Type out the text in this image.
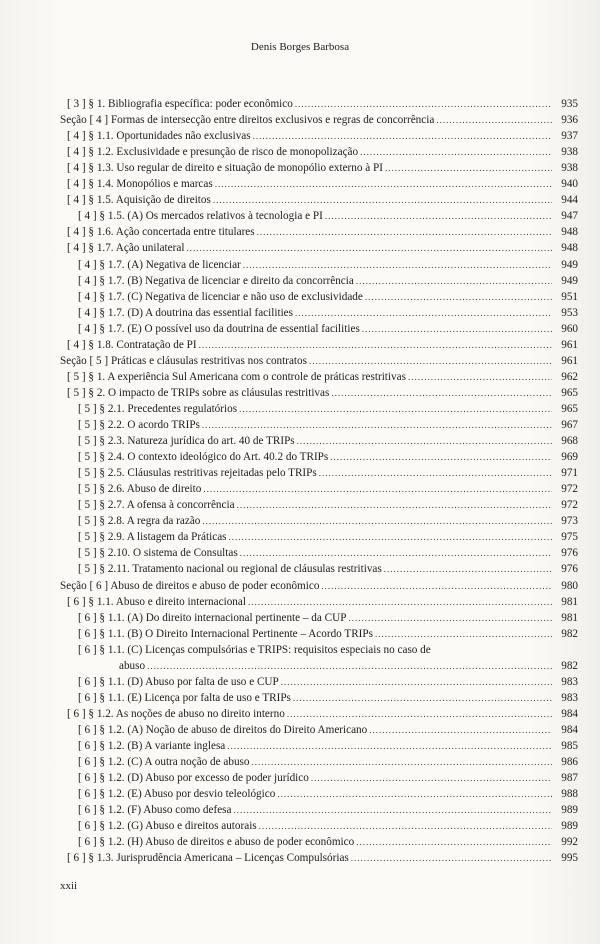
Denis Borges Barbosa
[ 3 ] § 1. Bibliografia específica: poder econômico .....	935
Seção [ 4 ] Formas de intersecção entre direitos exclusivos e regras de concorrência .....	936
[ 4 ] § 1.1. Oportunidades não exclusivas .....	937
[ 4 ] § 1.2. Exclusividade e presunção de risco de monopolização .....	938
[ 4 ] § 1.3. Uso regular de direito e situação de monopólio externo à PI .....	938
[ 4 ] § 1.4. Monopólios e marcas .....	940
[ 4 ] § 1.5. Aquisição de direitos .....	944
[ 4 ] § 1.5. (A) Os mercados relativos à tecnologia e PI .....	947
[ 4 ] § 1.6. Ação concertada entre titulares .....	948
[ 4 ] § 1.7. Ação unilateral .....	948
[ 4 ] § 1.7. (A) Negativa de licenciar .....	949
[ 4 ] § 1.7. (B) Negativa de licenciar e direito da concorrência .....	949
[ 4 ] § 1.7. (C) Negativa de licenciar e não uso de exclusividade .....	951
[ 4 ] § 1.7. (D) A doutrina das essential facilities .....	953
[ 4 ] § 1.7. (E) O possível uso da doutrina de essential facilities .....	960
[ 4 ] § 1.8. Contratação de PI .....	961
Seção [ 5 ] Práticas e cláusulas restritivas nos contratos .....	961
[ 5 ] § 1. A experiência Sul Americana com o controle de práticas restritivas .....	962
[ 5 ] § 2. O impacto de TRIPs sobre as cláusulas restritivas .....	965
[ 5 ] § 2.1. Precedentes regulatórios .....	965
[ 5 ] § 2.2. O acordo TRIPs .....	967
[ 5 ] § 2.3. Natureza jurídica do art. 40 de TRIPs .....	968
[ 5 ] § 2.4. O contexto ideológico do Art. 40.2 do TRIPs .....	969
[ 5 ] § 2.5. Cláusulas restritivas rejeitadas pelo TRIPs .....	971
[ 5 ] § 2.6. Abuso de direito .....	972
[ 5 ] § 2.7. A ofensa à concorrência .....	972
[ 5 ] § 2.8. A regra da razão .....	973
[ 5 ] § 2.9. A listagem da Práticas .....	975
[ 5 ] § 2.10. O sistema de Consultas .....	976
[ 5 ] § 2.11. Tratamento nacional ou regional de cláusulas restritivas .....	976
Seção [ 6 ] Abuso de direitos e abuso de poder econômico .....	980
[ 6 ] § 1.1. Abuso e direito internacional .....	981
[ 6 ] § 1.1. (A) Do direito internacional pertinente – da CUP .....	981
[ 6 ] § 1.1. (B) O Direito Internacional Pertinente – Acordo TRIPs .....	982
[ 6 ] § 1.1. (C) Licenças compulsórias e TRIPS: requisitos especiais no caso de
abuso .....	982
[ 6 ] § 1.1. (D) Abuso por falta de uso e CUP .....	983
[ 6 ] § 1.1. (E) Licença por falta de uso e TRIPs .....	983
[ 6 ] § 1.2. As noções de abuso no direito interno .....	984
[ 6 ] § 1.2. (A) Noção de abuso de direitos do Direito Americano .....	984
[ 6 ] § 1.2. (B) A variante inglesa .....	985
[ 6 ] § 1.2. (C) A outra noção de abuso .....	986
[ 6 ] § 1.2. (D) Abuso por excesso de poder jurídico .....	987
[ 6 ] § 1.2. (E) Abuso por desvio teleológico .....	988
[ 6 ] § 1.2. (F) Abuso como defesa .....	989
[ 6 ] § 1.2. (G) Abuso e direitos autorais .....	989
[ 6 ] § 1.2. (H) Abuso de direitos e abuso de poder econômico .....	992
[ 6 ] § 1.3. Jurisprudência Americana – Licenças Compulsórias .....	995
xxii
